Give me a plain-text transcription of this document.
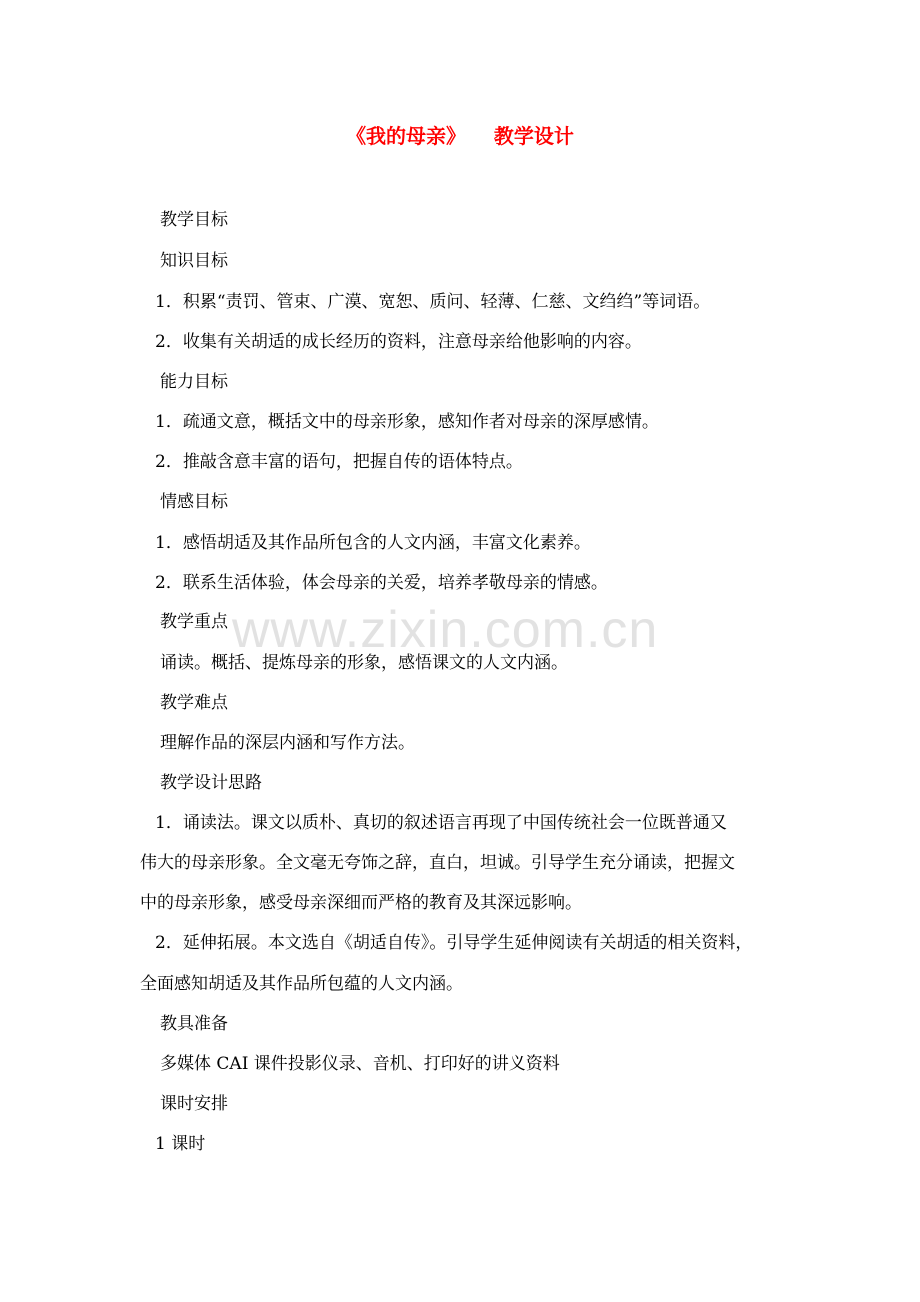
www.zixin.com.cn
《我的母亲》    教学设计
教学目标
知识目标
1．积累“责罚、管束、广漠、宽恕、质问、轻薄、仁慈、文绉绉”等词语。
2．收集有关胡适的成长经历的资料，注意母亲给他影响的内容。
能力目标
1．疏通文意，概括文中的母亲形象，感知作者对母亲的深厚感情。
2．推敲含意丰富的语句，把握自传的语体特点。
情感目标
1．感悟胡适及其作品所包含的人文内涵，丰富文化素养。
2．联系生活体验，体会母亲的关爱，培养孝敬母亲的情感。
教学重点
诵读。概括、提炼母亲的形象，感悟课文的人文内涵。
教学难点
理解作品的深层内涵和写作方法。
教学设计思路
1．诵读法。课文以质朴、真切的叙述语言再现了中国传统社会一位既普通又
伟大的母亲形象。全文毫无夸饰之辞，直白，坦诚。引导学生充分诵读，把握文
中的母亲形象，感受母亲深细而严格的教育及其深远影响。
2．延伸拓展。本文选自《胡适自传》。引导学生延伸阅读有关胡适的相关资料，
全面感知胡适及其作品所包蕴的人文内涵。
教具准备
多媒体 CAI 课件投影仪录、音机、打印好的讲义资料
课时安排
1 课时
